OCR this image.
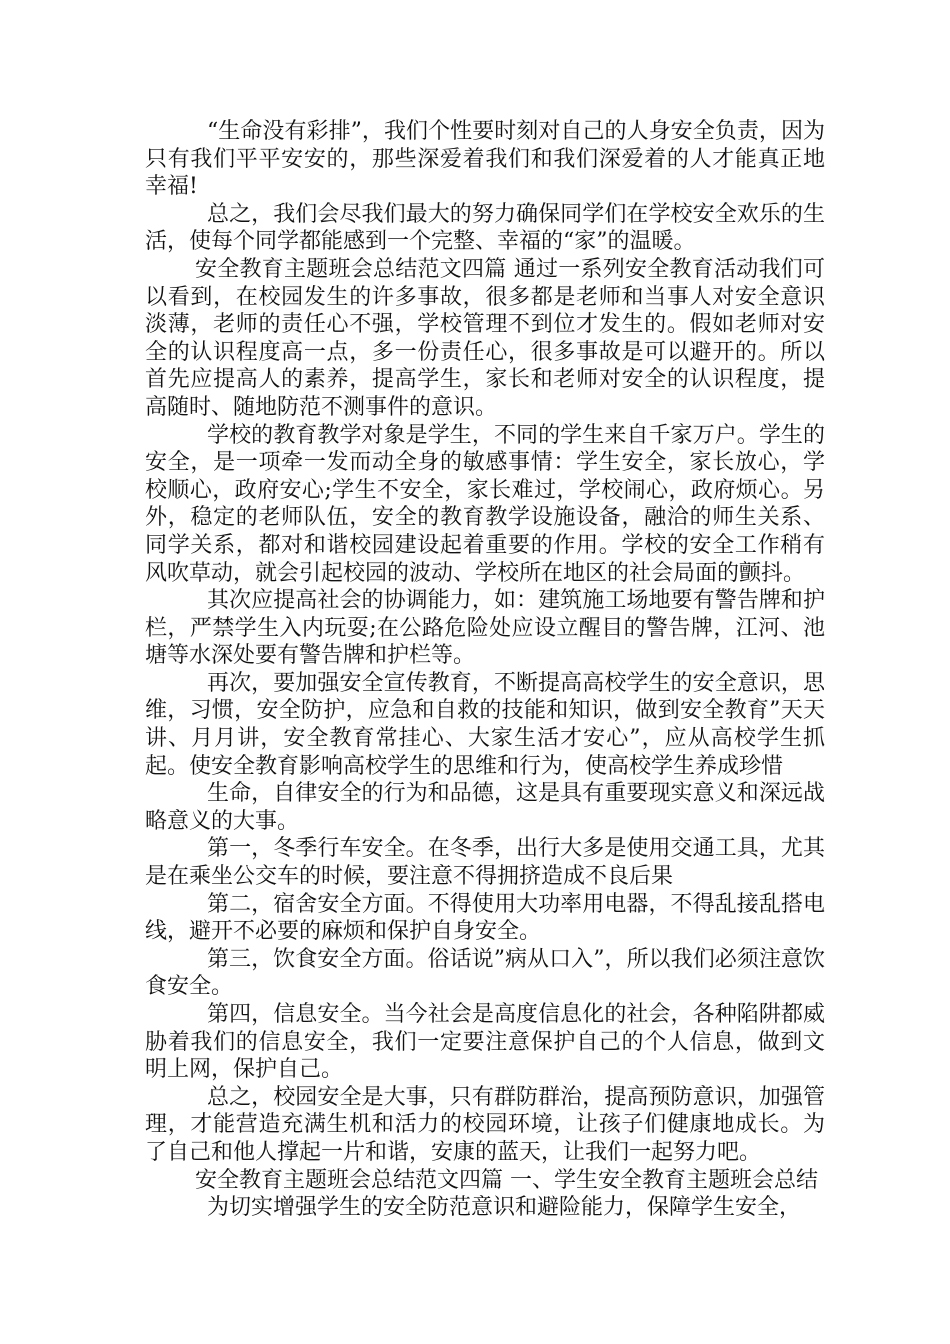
“生命没有彩排”，我们个性要时刻对自己的人身安全负责，因为只有我们平平安安的，那些深爱着我们和我们深爱着的人才能真正地幸福!

总之，我们会尽我们最大的努力确保同学们在学校安全欢乐的生活，使每个同学都能感到一个完整、幸福的“家”的温暖。

安全教育主题班会总结范文四篇 通过一系列安全教育活动我们可以看到，在校园发生的许多事故，很多都是老师和当事人对安全意识淡薄，老师的责任心不强，学校管理不到位才发生的。假如老师对安全的认识程度高一点，多一份责任心，很多事故是可以避开的。所以首先应提高人的素养，提高学生，家长和老师对安全的认识程度，提高随时、随地防范不测事件的意识。

学校的教育教学对象是学生，不同的学生来自千家万户。学生的安全，是一项牵一发而动全身的敏感事情：学生安全，家长放心，学校顺心，政府安心;学生不安全，家长难过，学校闹心，政府烦心。另外，稳定的老师队伍，安全的教育教学设施设备，融洽的师生关系、同学关系，都对和谐校园建设起着重要的作用。学校的安全工作稍有风吹草动，就会引起校园的波动、学校所在地区的社会局面的颤抖。

其次应提高社会的协调能力，如：建筑施工场地要有警告牌和护栏，严禁学生入内玩耍;在公路危险处应设立醒目的警告牌，江河、池塘等水深处要有警告牌和护栏等。

再次，要加强安全宣传教育，不断提高高校学生的安全意识，思维，习惯，安全防护，应急和自救的技能和知识，做到安全教育”天天讲、月月讲，安全教育常挂心、大家生活才安心”，应从高校学生抓起。使安全教育影响高校学生的思维和行为，使高校学生养成珍惜

生命，自律安全的行为和品德，这是具有重要现实意义和深远战略意义的大事。

第一，冬季行车安全。在冬季，出行大多是使用交通工具，尤其是在乘坐公交车的时候，要注意不得拥挤造成不良后果

第二，宿舍安全方面。不得使用大功率用电器，不得乱接乱搭电线，避开不必要的麻烦和保护自身安全。

第三，饮食安全方面。俗话说”病从口入”，所以我们必须注意饮食安全。

第四，信息安全。当今社会是高度信息化的社会，各种陷阱都威胁着我们的信息安全，我们一定要注意保护自己的个人信息，做到文明上网，保护自己。

总之，校园安全是大事，只有群防群治，提高预防意识，加强管理，才能营造充满生机和活力的校园环境，让孩子们健康地成长。为了自己和他人撑起一片和谐，安康的蓝天，让我们一起努力吧。

安全教育主题班会总结范文四篇 一、学生安全教育主题班会总结

为切实增强学生的安全防范意识和避险能力，保障学生安全，
